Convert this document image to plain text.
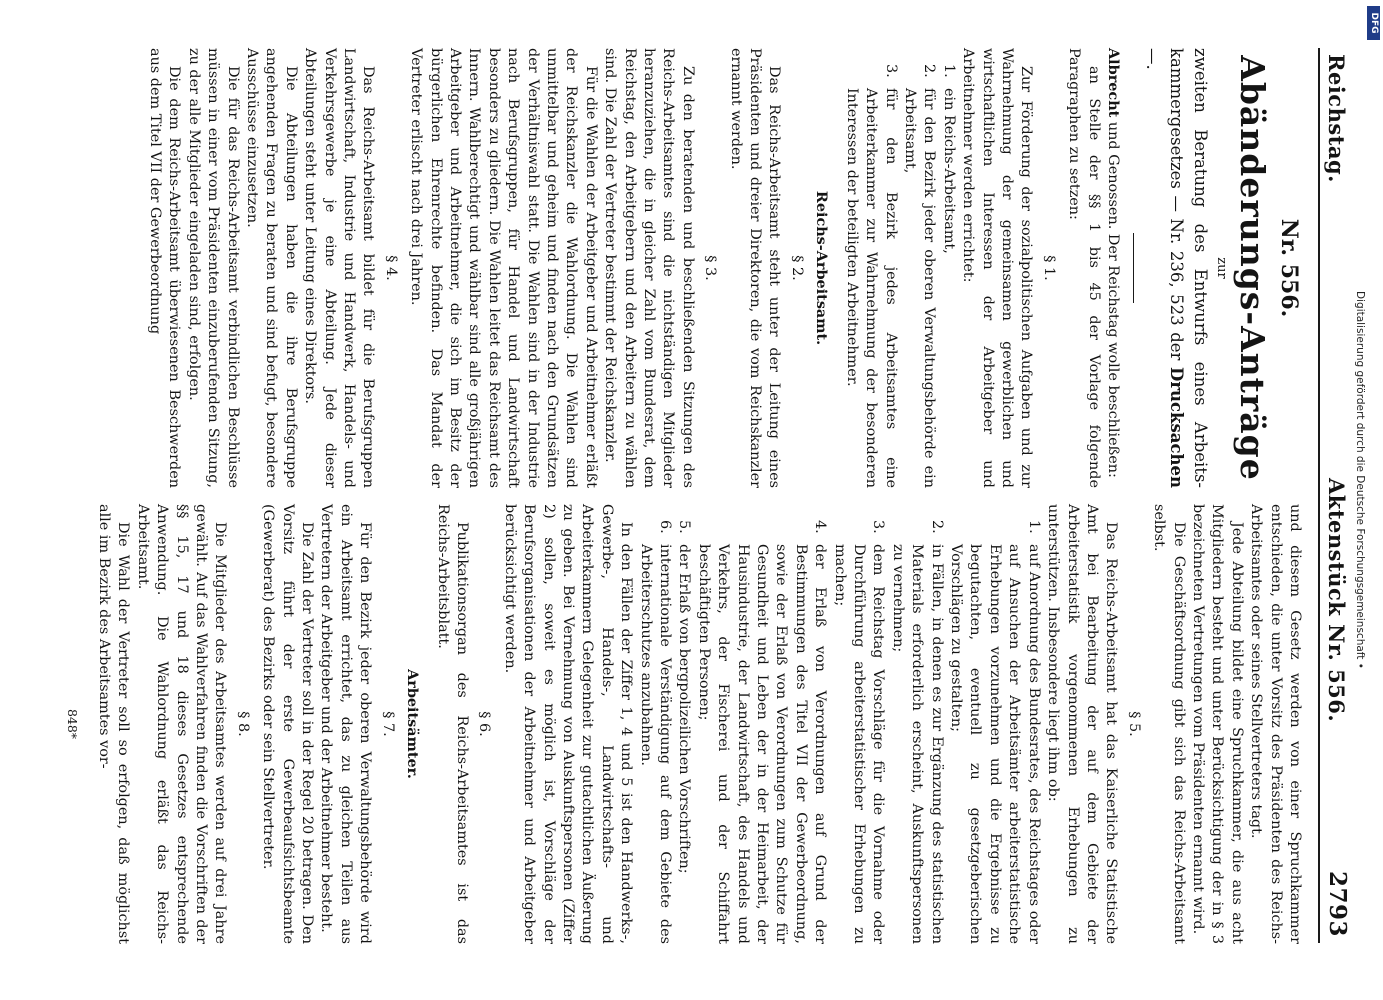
Reichstag.
Aktenstück Nr. 556.
2793

Nr. 556.

Abänderungs-Anträge

zur

zweiten Beratung des Entwurfs eines Arbeits-kammergesetzes — Nr. 236, 523 der Drucksachen —.

Albrecht und Genossen. Der Reichstag wolle beschließen:

an Stelle der §§ 1 bis 45 der Vorlage folgende Paragraphen zu setzen:

§ 1.

Zur Förderung der sozialpolitischen Aufgaben und zur Wahrnehmung der gemeinsamen gewerblichen und wirtschaftlichen Interessen der Arbeitgeber und Arbeitnehmer werden errichtet:

1.
ein Reichs-Arbeitsamt,

2.
für den Bezirk jeder oberen Verwaltungsbehörde ein Arbeitsamt,

3.
für den Bezirk jedes Arbeitsamtes eine Arbeiterkammer zur Wahrnehmung der besonderen Interessen der beteiligten Arbeitnehmer.

Reichs-Arbeitsamt.

§ 2.

Das Reichs-Arbeitsamt steht unter der Leitung eines Präsidenten und dreier Direktoren, die vom Reichskanzler ernannt werden.

§ 3.

Zu den beratenden und beschließenden Sitzungen des Reichs-Arbeitsamtes sind die nichtständigen Mitglieder heranzuziehen, die in gleicher Zahl vom Bundesrat, dem Reichstag, den Arbeitgebern und den Arbeitern zu wählen sind. Die Zahl der Vertreter bestimmt der Reichskanzler.

Für die Wahlen der Arbeitgeber und Arbeitnehmer erläßt der Reichskanzler die Wahlordnung. Die Wahlen sind unmittelbar und geheim und finden nach den Grundsätzen der Verhältniswahl statt. Die Wahlen sind in der Industrie nach Berufsgruppen, für Handel und Landwirtschaft besonders zu gliedern. Die Wahlen leitet das Reichsamt des Innern. Wahlberechtigt und wählbar sind alle großjährigen Arbeitgeber und Arbeitnehmer, die sich im Besitz der bürgerlichen Ehrenrechte befinden. Das Mandat der Vertreter erlischt nach drei Jahren.

§ 4.

Das Reichs-Arbeitsamt bildet für die Berufsgruppen Landwirtschaft, Industrie und Handwerk, Handels- und Verkehrsgewerbe je eine Abteilung. Jede dieser Abteilungen steht unter Leitung eines Direktors.

Die Abteilungen haben die ihre Berufsgruppe angehenden Fragen zu beraten und sind befugt, besondere Ausschüsse einzusetzen.

Die für das Reichs-Arbeitsamt verbindlichen Beschlüsse müssen in einer vom Präsidenten einzuberufenden Sitzung, zu der alle Mitglieder eingeladen sind, erfolgen.

Die dem Reichs-Arbeitsamt überwiesenen Beschwerden aus dem Titel VII der Gewerbeordnung

und diesem Gesetz werden von einer Spruchkammer entschieden, die unter Vorsitz des Präsidenten des Reichs-Arbeitsamtes oder seines Stellvertreters tagt.

Jede Abteilung bildet eine Spruchkammer, die aus acht Mitgliedern besteht und unter Berücksichtigung der in § 3 bezeichneten Vertretungen vom Präsidenten ernannt wird.

Die Geschäftsordnung gibt sich das Reichs-Arbeitsamt selbst.

§ 5.

Das Reichs-Arbeitsamt hat das Kaiserliche Statistische Amt bei Bearbeitung der auf dem Gebiete der Arbeiterstatistik vorgenommenen Erhebungen zu unterstützen. Insbesondere liegt ihm ob:

1.
auf Anordnung des Bundesrates, des Reichstages oder auf Ansuchen der Arbeitsämter arbeiterstatistische Erhebungen vorzunehmen und die Ergebnisse zu begutachten, eventuell zu gesetzgeberischen Vorschlägen zu gestalten;

2.
in Fällen, in denen es zur Ergänzung des statistischen Materials erforderlich erscheint, Auskunftspersonen zu vernehmen;

3.
dem Reichstag Vorschläge für die Vornahme oder Durchführung arbeiterstatistischer Erhebungen zu machen;

4.
der Erlaß von Verordnungen auf Grund der Bestimmungen des Titel VII der Gewerbeordnung, sowie der Erlaß von Verordnungen zum Schutze für Gesundheit und Leben der in der Heimarbeit, der Hausindustrie, der Landwirtschaft, des Handels und Verkehrs, der Fischerei und der Schiffahrt beschäftigten Personen;

5.
der Erlaß von bergpolizeilichen Vorschriften;

6.
internationale Verständigung auf dem Gebiete des Arbeiterschutzes anzubahnen.

In den Fällen der Ziffer 1, 4 und 5 ist den Handwerks-, Gewerbe-, Handels-, Landwirtschafts- und Arbeiterkammern Gelegenheit zur gutachtlichen Äußerung zu geben. Bei Vernehmung von Auskunftspersonen (Ziffer 2) sollen, soweit es möglich ist, Vorschläge der Berufsorganisationen der Arbeitnehmer und Arbeitgeber berücksichtigt werden.

§ 6.

Publikationsorgan des Reichs-Arbeitsamtes ist das Reichs-Arbeitsblatt.

Arbeitsämter.

§ 7.

Für den Bezirk jeder oberen Verwaltungsbehörde wird ein Arbeitsamt errichtet, das zu gleichen Teilen aus Vertretern der Arbeitgeber und der Arbeitnehmer besteht.

Die Zahl der Vertreter soll in der Regel 20 betragen. Den Vorsitz führt der erste Gewerbeaufsichtsbeamte (Gewerberat) des Bezirks oder sein Stellvertreter.

§ 8.

Die Mitglieder des Arbeitsamtes werden auf drei Jahre gewählt. Auf das Wahlverfahren finden die Vorschriften der §§ 15, 17 und 18 dieses Gesetzes entsprechende Anwendung. Die Wahlordnung erläßt das Reichs-Arbeitsamt.

Die Wahl der Vertreter soll so erfolgen, daß möglichst alle im Bezirk des Arbeitsamtes vor-

848*
DFG
Digitalisierung gefördert durch die Deutsche Forschungsgemeinschaft •
